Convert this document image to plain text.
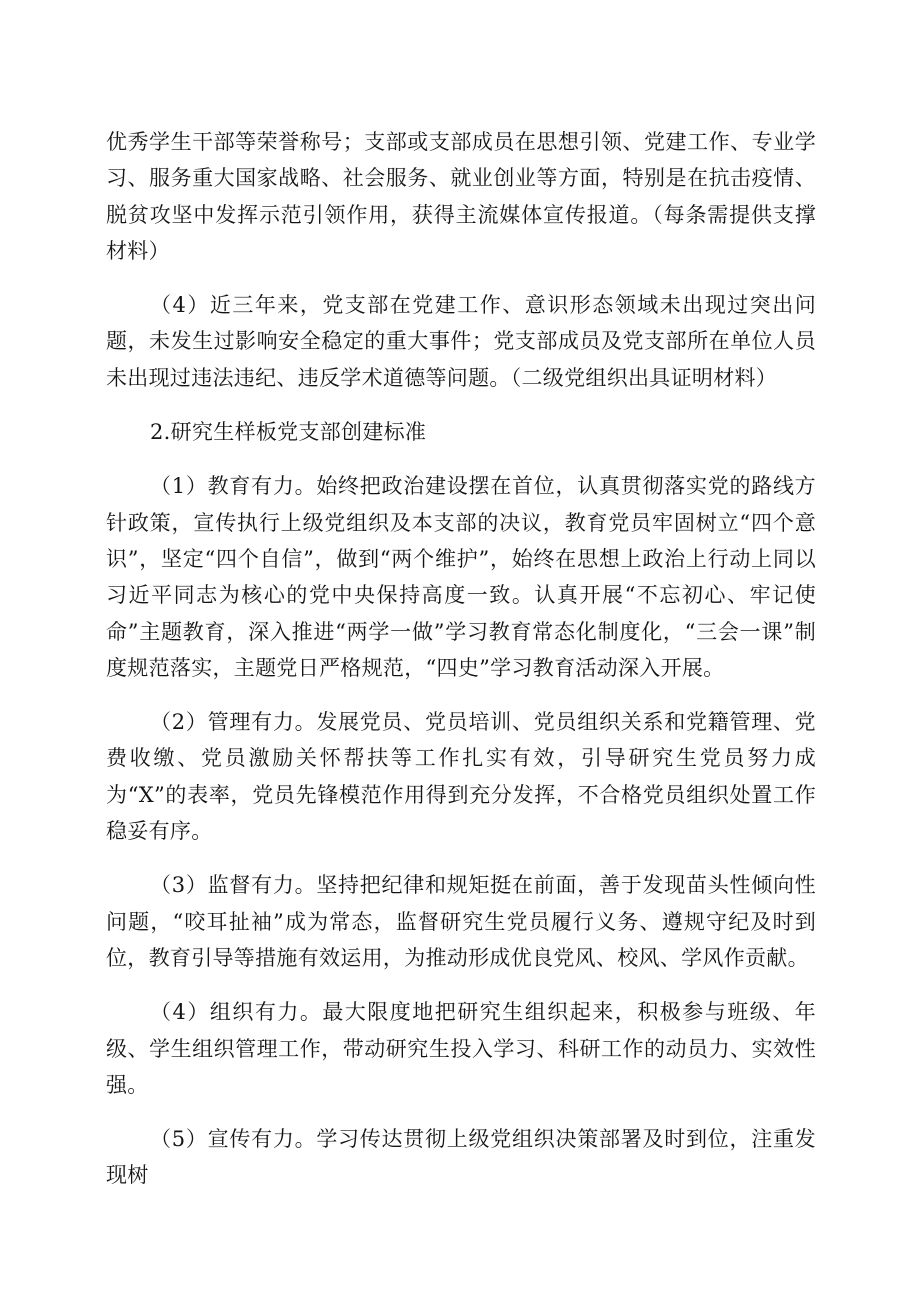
优秀学生干部等荣誉称号；支部或支部成员在思想引领、党建工作、专业学习、服务重大国家战略、社会服务、就业创业等方面，特别是在抗击疫情、脱贫攻坚中发挥示范引领作用，获得主流媒体宣传报道。（每条需提供支撑材料）

（4）近三年来，党支部在党建工作、意识形态领域未出现过突出问题，未发生过影响安全稳定的重大事件；党支部成员及党支部所在单位人员未出现过违法违纪、违反学术道德等问题。（二级党组织出具证明材料）

2.研究生样板党支部创建标准

（1）教育有力。始终把政治建设摆在首位，认真贯彻落实党的路线方针政策，宣传执行上级党组织及本支部的决议，教育党员牢固树立“四个意识”，坚定“四个自信”，做到“两个维护”，始终在思想上政治上行动上同以习近平同志为核心的党中央保持高度一致。认真开展“不忘初心、牢记使命”主题教育，深入推进“两学一做”学习教育常态化制度化，“三会一课”制度规范落实，主题党日严格规范，“四史”学习教育活动深入开展。

（2）管理有力。发展党员、党员培训、党员组织关系和党籍管理、党费收缴、党员激励关怀帮扶等工作扎实有效，引导研究生党员努力成为“X”的表率，党员先锋模范作用得到充分发挥，不合格党员组织处置工作稳妥有序。

（3）监督有力。坚持把纪律和规矩挺在前面，善于发现苗头性倾向性问题，“咬耳扯袖”成为常态，监督研究生党员履行义务、遵规守纪及时到位，教育引导等措施有效运用，为推动形成优良党风、校风、学风作贡献。

（4）组织有力。最大限度地把研究生组织起来，积极参与班级、年级、学生组织管理工作，带动研究生投入学习、科研工作的动员力、实效性强。

（5）宣传有力。学习传达贯彻上级党组织决策部署及时到位，注重发现树
